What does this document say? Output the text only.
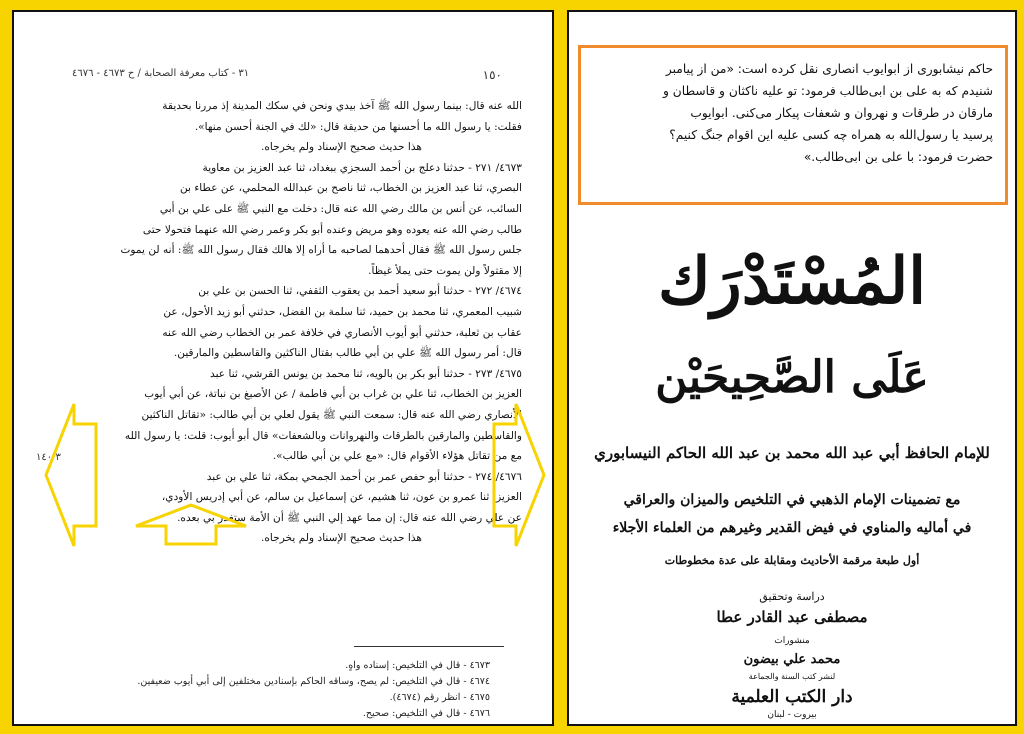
٣١ - كتاب معرفة الصحابة / ح ٤٦٧٣ - ٤٦٧٦	١٥٠

الله عنه قال: بينما رسول الله ﷺ آخذ بيدي ونحن في سكك المدينة إذ مررنا بحديقة

فقلت: يا رسول الله ما أحسنها من حديقة قال: «لك في الجنة أحسن منها».

هذا حديث صحيح الإسناد ولم يخرجاه.

٤٦٧٣/ ٢٧١ - حدثنا دعلج بن أحمد السجزي ببغداد، ثنا عبد العزيز بن معاوية

البصري، ثنا عبد العزيز بن الخطاب، ثنا ناصح بن عبدالله المحلمي، عن عطاء بن

السائب، عن أنس بن مالك رضي الله عنه قال: دخلت مع النبي ﷺ على علي بن أبي

طالب رضي الله عنه يعوده وهو مريض وعنده أبو بكر وعمر رضي الله عنهما فتحولا حتى

جلس رسول الله ﷺ فقال أحدهما لصاحبه ما أراه إلا هالك فقال رسول الله ﷺ: أنه لن يموت

إلا مقتولاً ولن يموت حتى يملأ غيظاً.

٤٦٧٤/ ٢٧٢ - حدثنا أبو سعيد أحمد بن يعقوب الثقفي، ثنا الحسن بن علي بن

شبيب المعمري، ثنا محمد بن حميد، ثنا سلمة بن الفضل، حدثني أبو زيد الأحول، عن

عقاب بن ثعلبة، حدثني أبو أيوب الأنصاري في خلافة عمر بن الخطاب رضي الله عنه

قال: أمر رسول الله ﷺ علي بن أبي طالب بقتال الناكثين والقاسطين والمارقين.

٤٦٧٥/ ٢٧٣ - حدثنا أبو بكر بن بالويه، ثنا محمد بن يونس القرشي، ثنا عبد

العزيز بن الخطاب، ثنا علي بن غراب بن أبي فاطمة / عن الأصبغ بن نباتة، عن أبي أيوب

الأنصاري رضي الله عنه قال: سمعت النبي ﷺ يقول لعلي بن أبي طالب: «تقاتل الناكثين

والقاسطين والمارقين بالطرقات والنهروانات وبالشعفات» قال أبو أيوب: قلت: يا رسول الله

مع من تقاتل هؤلاء الأقوام قال: «مع علي بن أبي طالب».

٤٦٧٦/ ٢٧٤ - حدثنا أبو حفص عمر بن أحمد الجمحي بمكة، ثنا علي بن عبد

العزيز، ثنا عمرو بن عون، ثنا هشيم، عن إسماعيل بن سالم، عن أبي إدريس الأودي،

عن علي رضي الله عنه قال: إن مما عهد إلي النبي ﷺ أن الأمة ستغدر بي بعده.

هذا حديث صحيح الإسناد ولم يخرجاه.

١٤٠/٣

٤٦٧٣ - قال في التلخيص: إسناده واهٍ.

٤٦٧٤ - قال في التلخيص: لم يصح، وساقه الحاكم بإسنادين مختلفين إلى أبي أيوب ضعيفين.

٤٦٧٥ - انظر رقم (٤٦٧٤).

٤٦٧٦ - قال في التلخيص: صحيح.

حاکم نیشابوری از ابوایوب انصاری نقل کرده است: «من از پیامبر

شنیدم که به علی بن ابی‌طالب فرمود: تو علیه ناکثان و قاسطان و

مارقان در طرقات و نهروان و شعفات پیکار می‌کنی. ابوایوب

پرسید یا رسول‌الله به همراه چه کسی علیه این اقوام جنگ کنیم؟

حضرت فرمود: با علی بن ابی‌طالب.»

المُسْتَدْرَك
عَلَى الصَّحِيحَيْن
للإمام الحافظ أبي عبد الله محمد بن عبد الله الحاكم النيسابوري
مع تضمينات الإمام الذهبي في التلخيص والميزان والعراقي
في أماليه والمناوي في فيض القدير وغيرهم من العلماء الأجلاء
أول طبعة مرقمة الأحاديث ومقابلة على عدة مخطوطات
دراسة وتحقيق
مصطفى عبد القادر عطا
منشورات
محمد علي بيضون
لنشر كتب السنة والجماعة
دار الكتب العلمية
بيروت - لبنان
